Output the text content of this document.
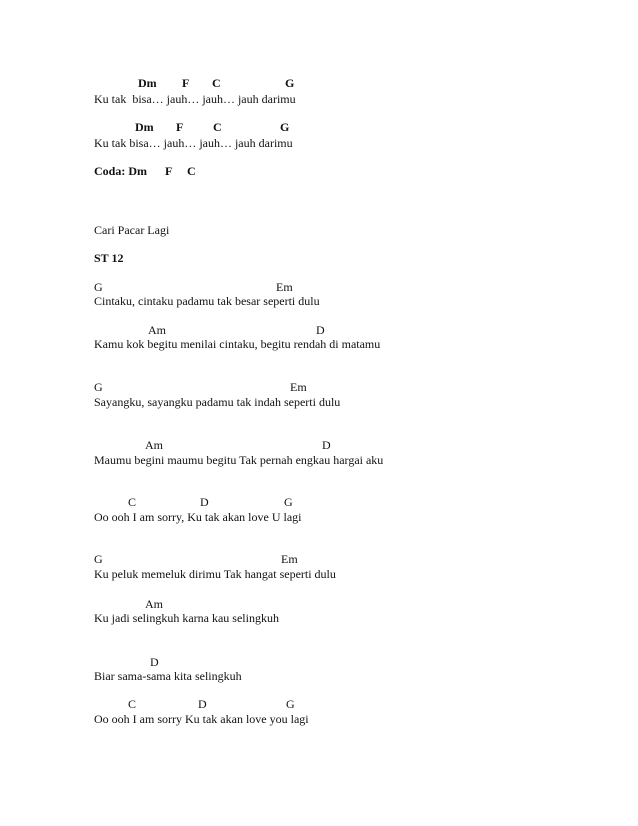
Dm F C	G
Ku tak  bisa… jauh… jauh… jauh darimu
Dm F C	G
Ku tak bisa… jauh… jauh… jauh darimu
Coda: Dm F C
Cari Pacar Lagi
ST 12
G	Em
Cintaku, cintaku padamu tak besar seperti dulu
Am	D
Kamu kok begitu menilai cintaku, begitu rendah di matamu
G	Em
Sayangku, sayangku padamu tak indah seperti dulu
Am	D
Maumu begini maumu begitu Tak pernah engkau hargai aku
C	D	G
Oo ooh I am sorry, Ku tak akan love U lagi
G	Em
Ku peluk memeluk dirimu Tak hangat seperti dulu
Am
Ku jadi selingkuh karna kau selingkuh
D
Biar sama-sama kita selingkuh
C	D	G
Oo ooh I am sorry Ku tak akan love you lagi
